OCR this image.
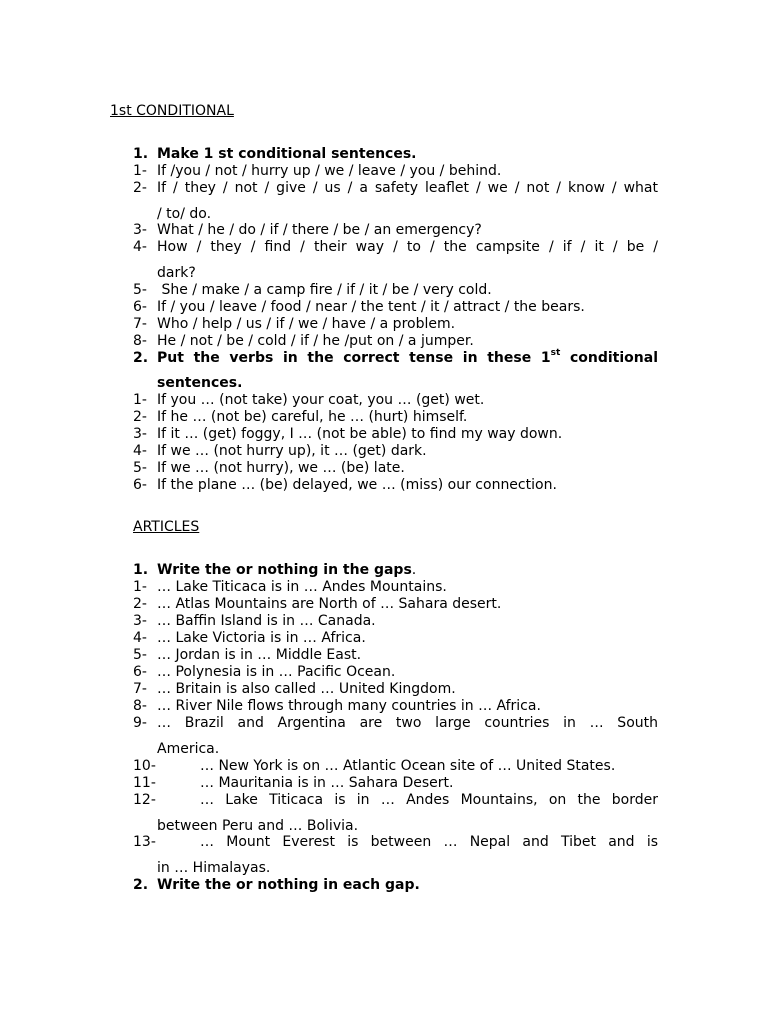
1st CONDITIONAL
1. Make 1 st conditional sentences.
1- If /you / not / hurry up / we / leave / you / behind.
2- If / they / not / give / us / a safety leaflet / we / not / know / what
/ to/ do.
3- What / he / do / if / there / be / an emergency?
4- How / they / find / their way / to / the campsite / if / it / be /
dark?
5- She / make / a camp fire / if / it / be / very cold.
6- If / you / leave / food / near / the tent / it / attract / the bears.
7- Who / help / us / if / we / have / a problem.
8- He / not / be / cold / if / he /put on / a jumper.
2. Put the verbs in the correct tense in these 1st conditional
sentences.
1- If you … (not take) your coat, you … (get) wet.
2- If he … (not be) careful, he … (hurt) himself.
3- If it … (get) foggy, I … (not be able) to find my way down.
4- If we … (not hurry up), it … (get) dark.
5- If we … (not hurry), we … (be) late.
6- If the plane … (be) delayed, we … (miss) our connection.
ARTICLES
1. Write the or nothing in the gaps.
1- … Lake Titicaca is in … Andes Mountains.
2- … Atlas Mountains are North of … Sahara desert.
3- … Baffin Island is in … Canada.
4- … Lake Victoria is in … Africa.
5- … Jordan is in … Middle East.
6- … Polynesia is in … Pacific Ocean.
7- … Britain is also called … United Kingdom.
8- … River Nile flows through many countries in … Africa.
9- … Brazil and Argentina are two large countries in … South
America.
10-	… New York is on … Atlantic Ocean site of … United States.
11-	… Mauritania is in … Sahara Desert.
12-	… Lake Titicaca is in … Andes Mountains, on the border
between Peru and … Bolivia.
13-	… Mount Everest is between … Nepal and Tibet and is
in … Himalayas.
2. Write the or nothing in each gap.
